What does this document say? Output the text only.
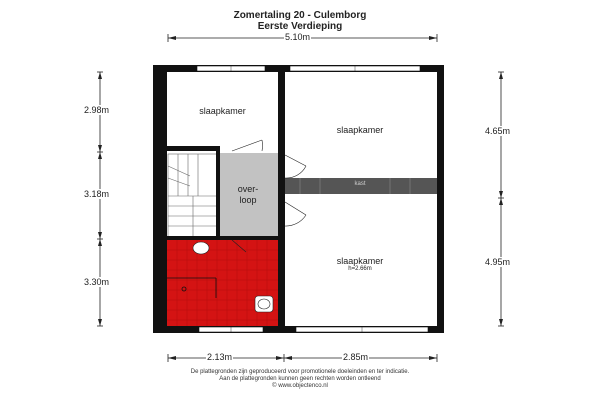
Zomertaling 20 - Culemborg
Eerste Verdieping
5.10m
2.98m
3.18m
3.30m
4.65m
4.95m
2.13m	2.85m
slaapkamer
slaapkamer
over-
loop
kast
slaapkamer
h=2.66m
De plattegronden zijn geproduceerd voor promotionele doeleinden en ter indicatie.
Aan de plattegronden kunnen geen rechten worden ontleend
© www.objectenco.nl
